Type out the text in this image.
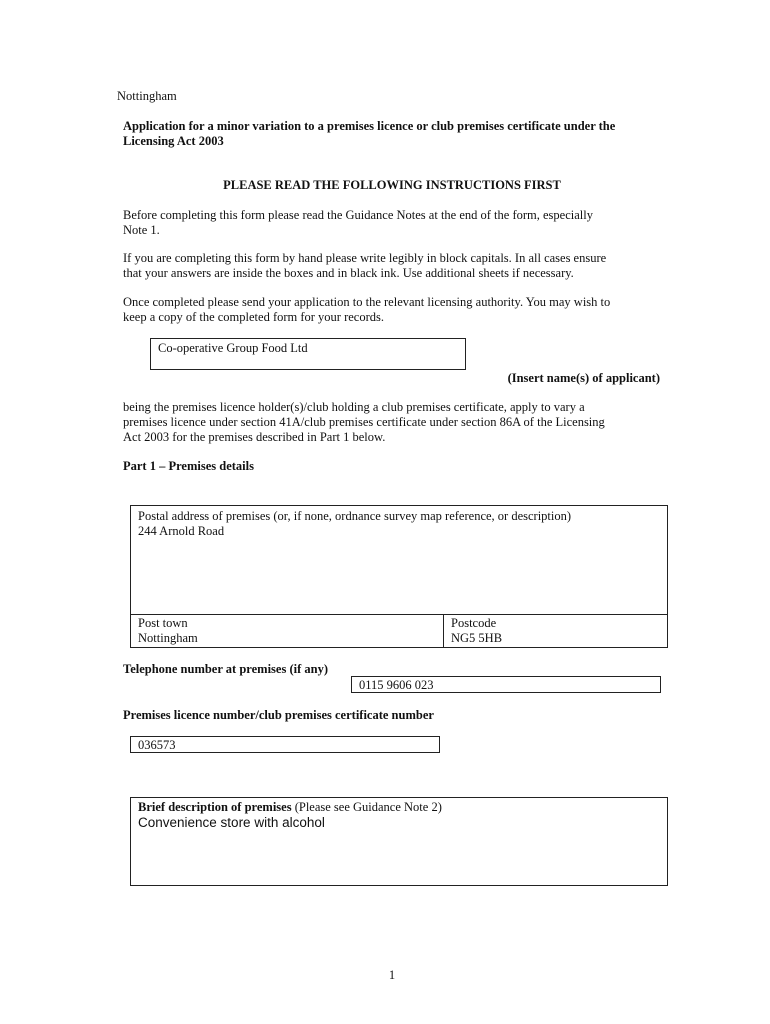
Nottingham
Application for a minor variation to a premises licence or club premises certificate under the
Licensing Act 2003
PLEASE READ THE FOLLOWING INSTRUCTIONS FIRST
Before completing this form please read the Guidance Notes at the end of the form, especially
Note 1.
If you are completing this form by hand please write legibly in block capitals. In all cases ensure
that your answers are inside the boxes and in black ink. Use additional sheets if necessary.
Once completed please send your application to the relevant licensing authority. You may wish to
keep a copy of the completed form for your records.
Co-operative Group Food Ltd
(Insert name(s) of applicant)
being the premises licence holder(s)/club holding a club premises certificate, apply to vary a
premises licence under section 41A/club premises certificate under section 86A of the Licensing
Act 2003 for the premises described in Part 1 below.
Part 1 – Premises details
Postal address of premises (or, if none, ordnance survey map reference, or description)
244 Arnold Road
Post town
Nottingham
Postcode
NG5 5HB
Telephone number at premises (if any)
0115 9606 023
Premises licence number/club premises certificate number
036573
Brief description of premises (Please see Guidance Note 2)
Convenience store with alcohol
1
